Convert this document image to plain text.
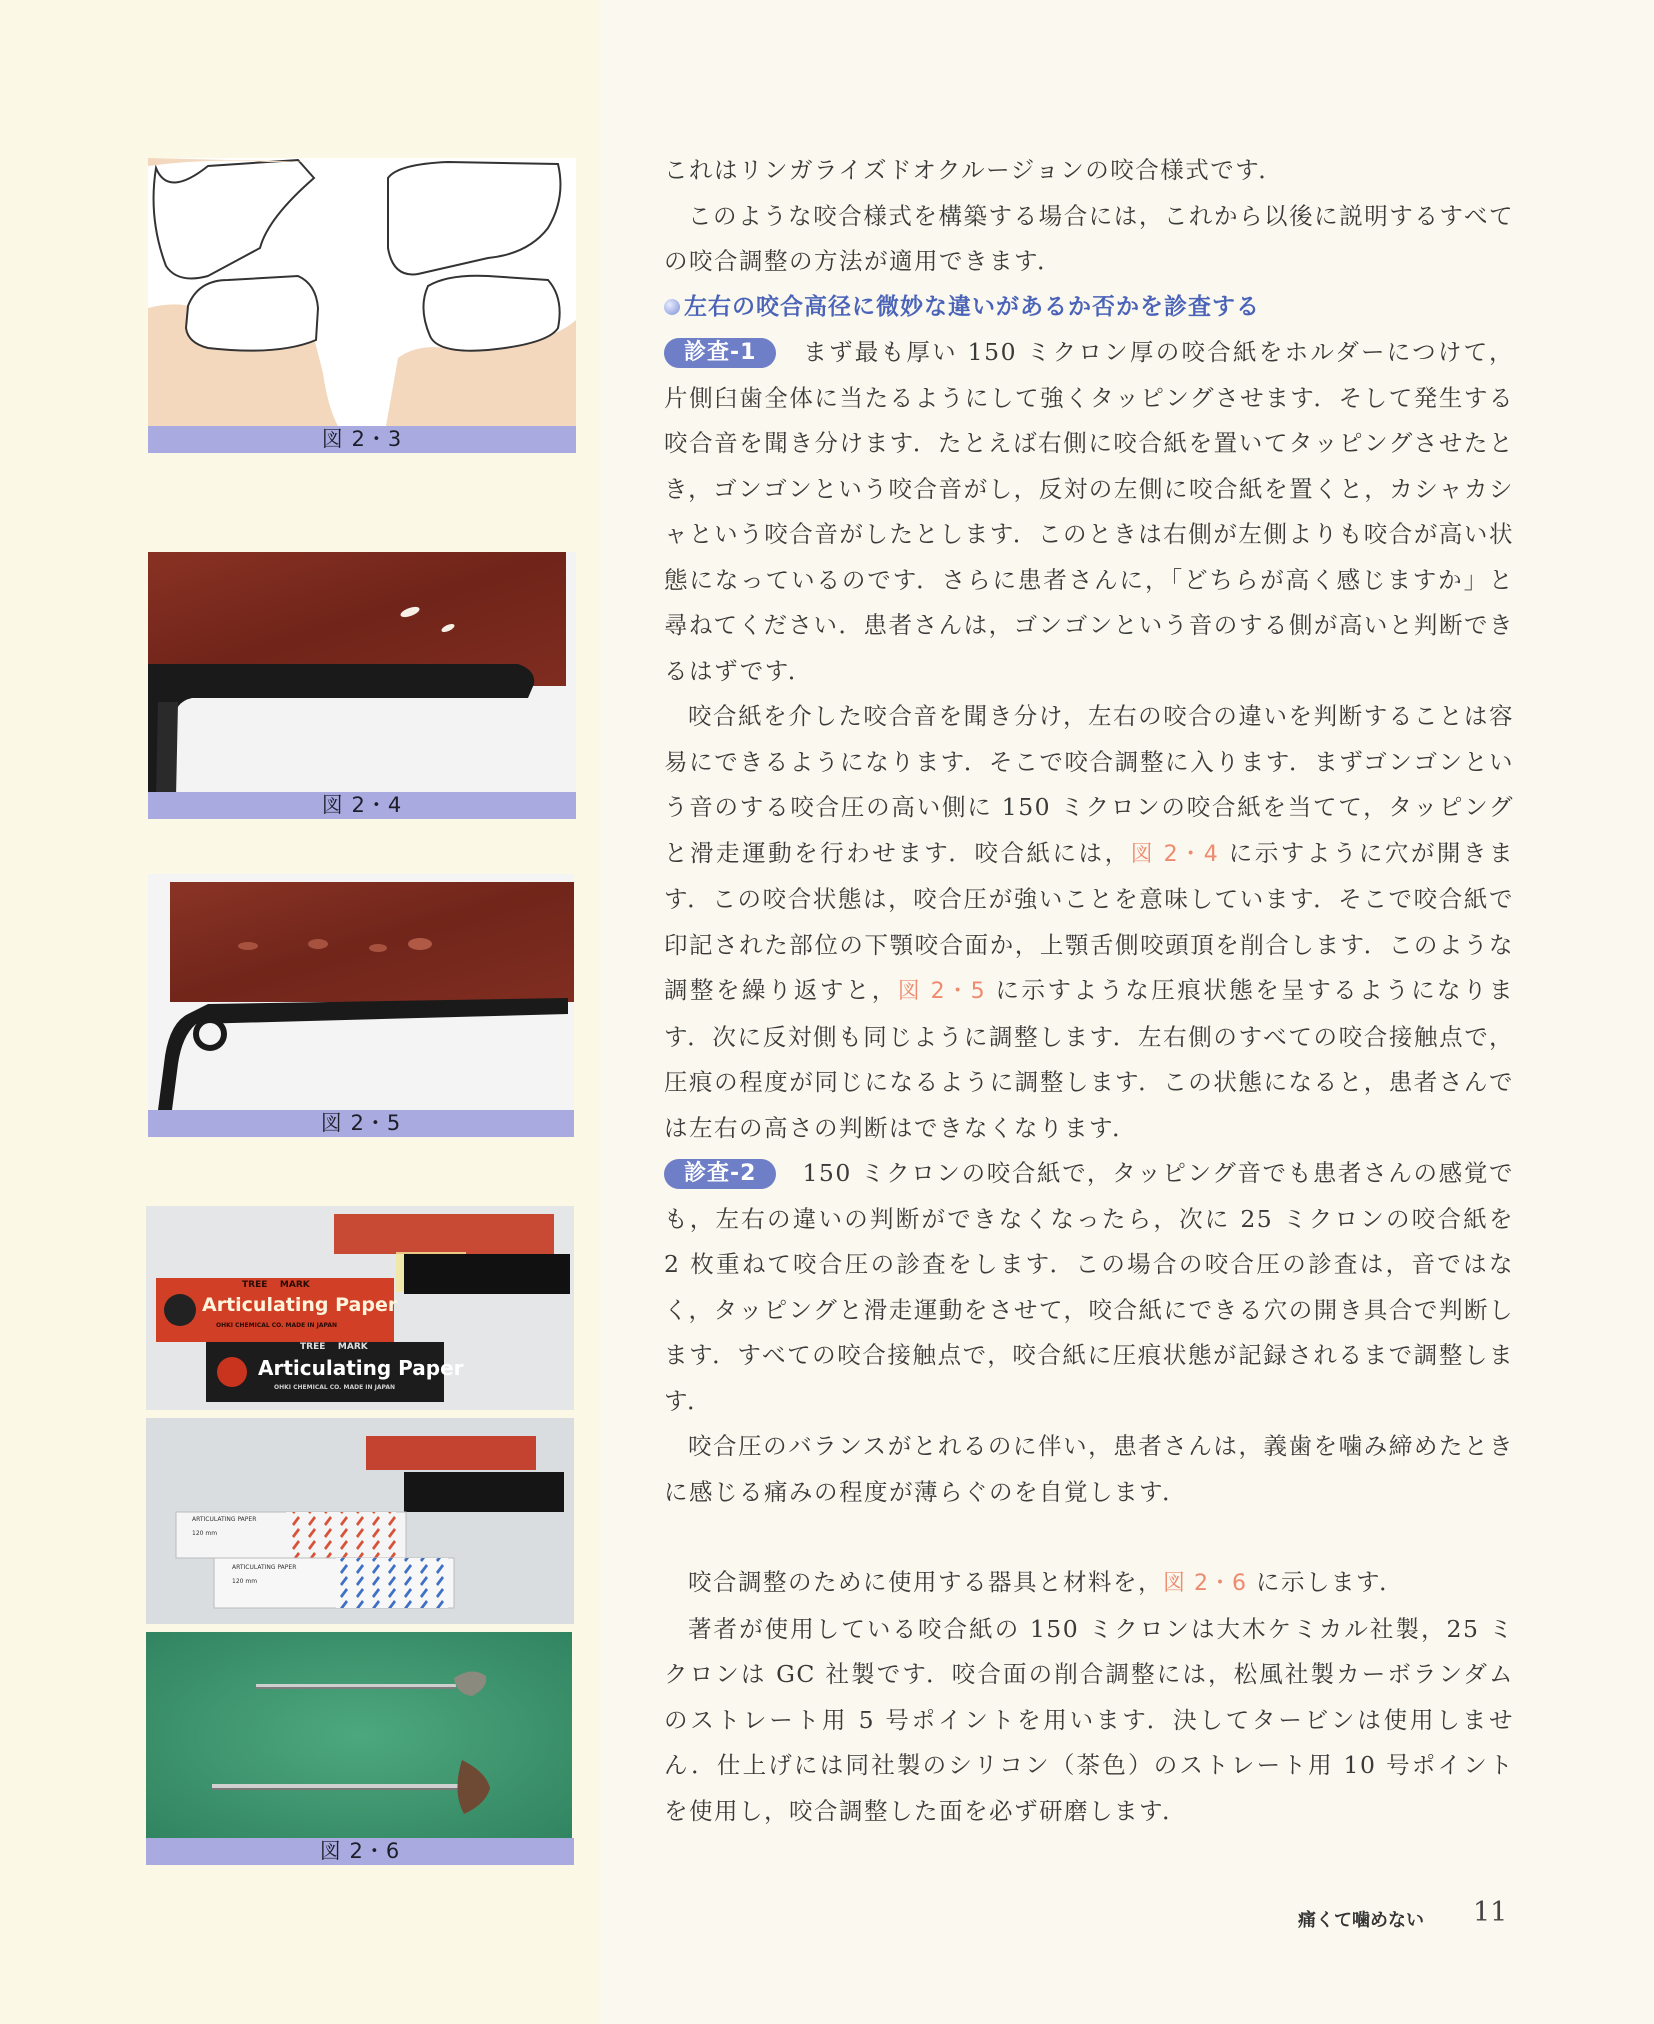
図 2・3
図 2・4
図 2・5
TREE    MARK
Articulating Paper
OHKI CHEMICAL CO. MADE IN JAPAN
TREE    MARK
Articulating Paper
OHKI CHEMICAL CO. MADE IN JAPAN
ARTICULATING PAPER
120 mm
ARTICULATING PAPER
120 mm
図 2・6

これはリンガライズドオクルージョンの咬合様式です．

このような咬合様式を構築する場合には，これから以後に説明するすべての咬合調整の方法が適用できます．

左右の咬合高径に微妙な違いがあるか否かを診査する

診査-1 まず最も厚い 150 ミクロン厚の咬合紙をホルダーにつけて，片側臼歯全体に当たるようにして強くタッピングさせます．そして発生する咬合音を聞き分けます．たとえば右側に咬合紙を置いてタッピングさせたとき，ゴンゴンという咬合音がし，反対の左側に咬合紙を置くと，カシャカシャという咬合音がしたとします．このときは右側が左側よりも咬合が高い状態になっているのです．さらに患者さんに，「どちらが高く感じますか」と尋ねてください．患者さんは，ゴンゴンという音のする側が高いと判断できるはずです．

咬合紙を介した咬合音を聞き分け，左右の咬合の違いを判断することは容易にできるようになります．そこで咬合調整に入ります．まずゴンゴンという音のする咬合圧の高い側に 150 ミクロンの咬合紙を当てて，タッピングと滑走運動を行わせます．咬合紙には，図 2・4 に示すように穴が開きます．この咬合状態は，咬合圧が強いことを意味しています．そこで咬合紙で印記された部位の下顎咬合面か，上顎舌側咬頭頂を削合します．このような調整を繰り返すと，図 2・5 に示すような圧痕状態を呈するようになります．次に反対側も同じように調整します．左右側のすべての咬合接触点で，圧痕の程度が同じになるように調整します．この状態になると，患者さんでは左右の高さの判断はできなくなります．

診査-2 150 ミクロンの咬合紙で，タッピング音でも患者さんの感覚でも，左右の違いの判断ができなくなったら，次に 25 ミクロンの咬合紙を 2 枚重ねて咬合圧の診査をします．この場合の咬合圧の診査は，音ではなく，タッピングと滑走運動をさせて，咬合紙にできる穴の開き具合で判断します．すべての咬合接触点で，咬合紙に圧痕状態が記録されるまで調整します．

咬合圧のバランスがとれるのに伴い，患者さんは，義歯を噛み締めたときに感じる痛みの程度が薄らぐのを自覚します．

咬合調整のために使用する器具と材料を，図 2・6 に示します．

著者が使用している咬合紙の 150 ミクロンは大木ケミカル社製，25 ミクロンは GC 社製です．咬合面の削合調整には，松風社製カーボランダムのストレート用 5 号ポイントを用います．決してタービンは使用しません．仕上げには同社製のシリコン（茶色）のストレート用 10 号ポイントを使用し，咬合調整した面を必ず研磨します．

痛くて噛めない 11
